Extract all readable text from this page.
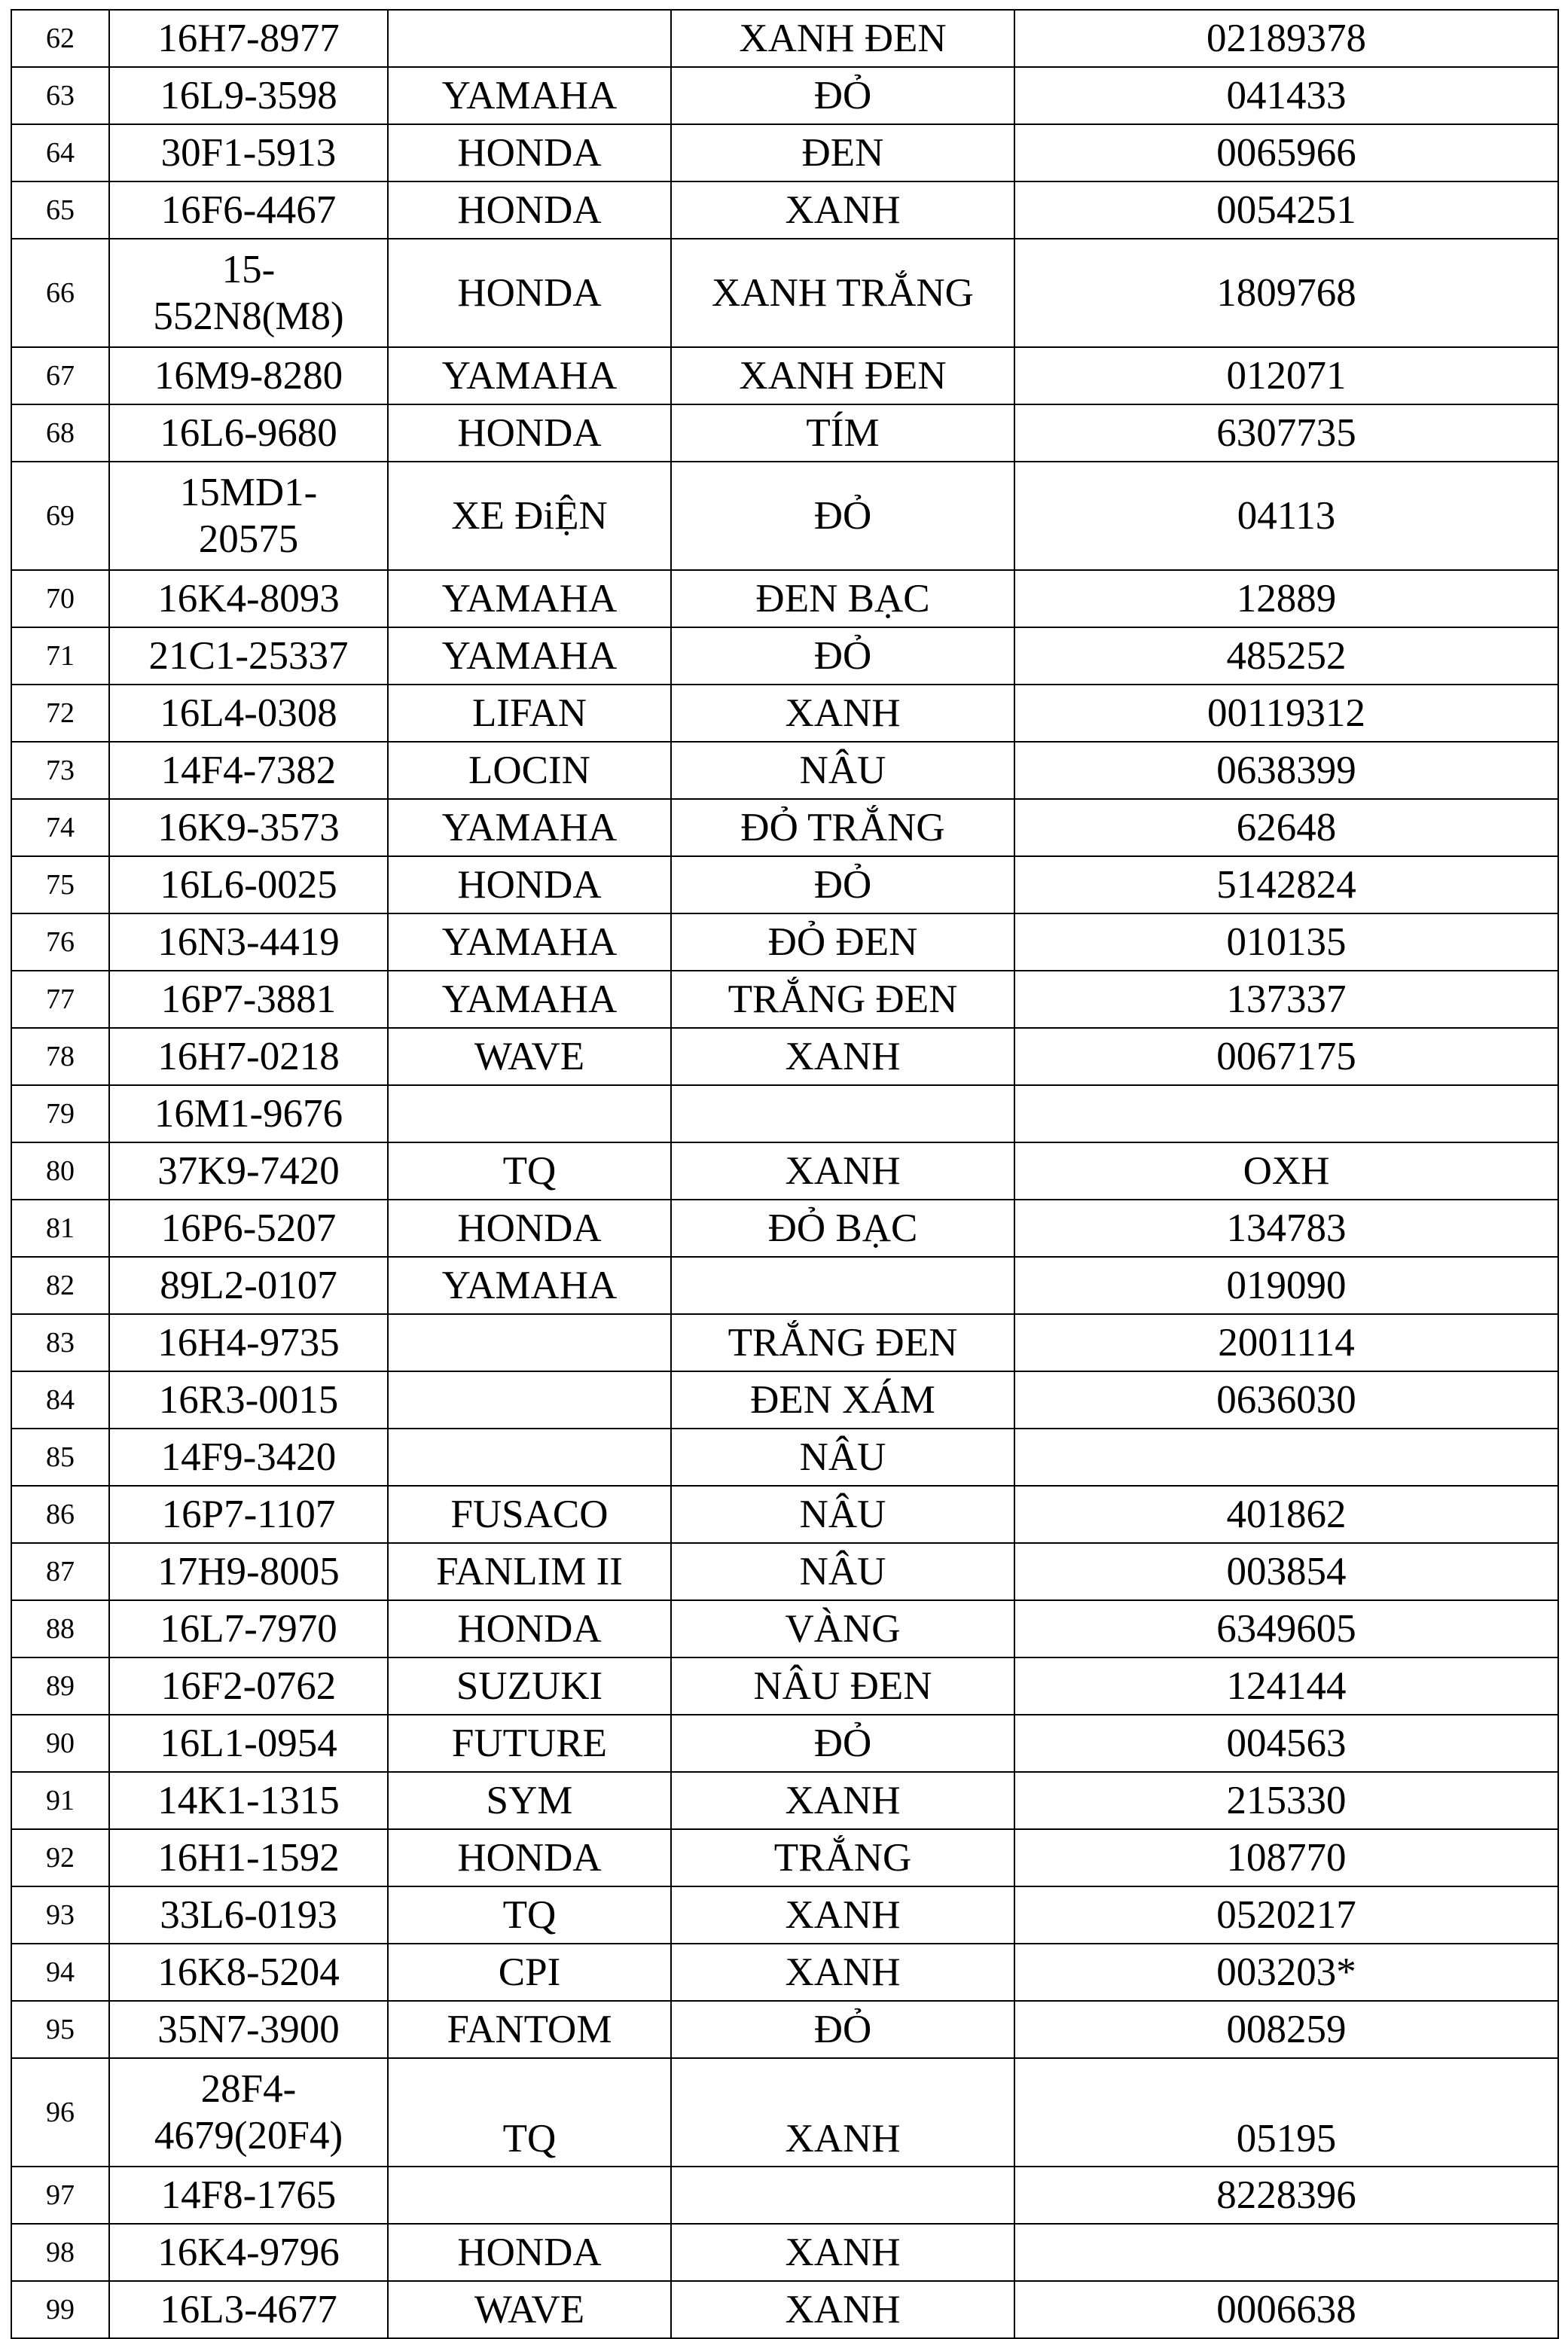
62	16H7-8977		XANH ĐEN	02189378
63	16L9-3598	YAMAHA	ĐỎ	041433
64	30F1-5913	HONDA	ĐEN	0065966
65	16F6-4467	HONDA	XANH	0054251
66	15-552N8(M8)	HONDA	XANH TRẮNG	1809768
67	16M9-8280	YAMAHA	XANH ĐEN	012071
68	16L6-9680	HONDA	TÍM	6307735
69	15MD1-20575	XE ĐiỆN	ĐỎ	04113
70	16K4-8093	YAMAHA	ĐEN BẠC	12889
71	21C1-25337	YAMAHA	ĐỎ	485252
72	16L4-0308	LIFAN	XANH	00119312
73	14F4-7382	LOCIN	NÂU	0638399
74	16K9-3573	YAMAHA	ĐỎ TRẮNG	62648
75	16L6-0025	HONDA	ĐỎ	5142824
76	16N3-4419	YAMAHA	ĐỎ ĐEN	010135
77	16P7-3881	YAMAHA	TRẮNG ĐEN	137337
78	16H7-0218	WAVE	XANH	0067175
79	16M1-9676			
80	37K9-7420	TQ	XANH	OXH
81	16P6-5207	HONDA	ĐỎ BẠC	134783
82	89L2-0107	YAMAHA		019090
83	16H4-9735		TRẮNG ĐEN	2001114
84	16R3-0015		ĐEN XÁM	0636030
85	14F9-3420		NÂU	
86	16P7-1107	FUSACO	NÂU	401862
87	17H9-8005	FANLIM II	NÂU	003854
88	16L7-7970	HONDA	VÀNG	6349605
89	16F2-0762	SUZUKI	NÂU ĐEN	124144
90	16L1-0954	FUTURE	ĐỎ	004563
91	14K1-1315	SYM	XANH	215330
92	16H1-1592	HONDA	TRẮNG	108770
93	33L6-0193	TQ	XANH	0520217
94	16K8-5204	CPI	XANH	003203*
95	35N7-3900	FANTOM	ĐỎ	008259
96	28F4-4679(20F4)	TQ	XANH	05195
97	14F8-1765			8228396
98	16K4-9796	HONDA	XANH	
99	16L3-4677	WAVE	XANH	0006638
